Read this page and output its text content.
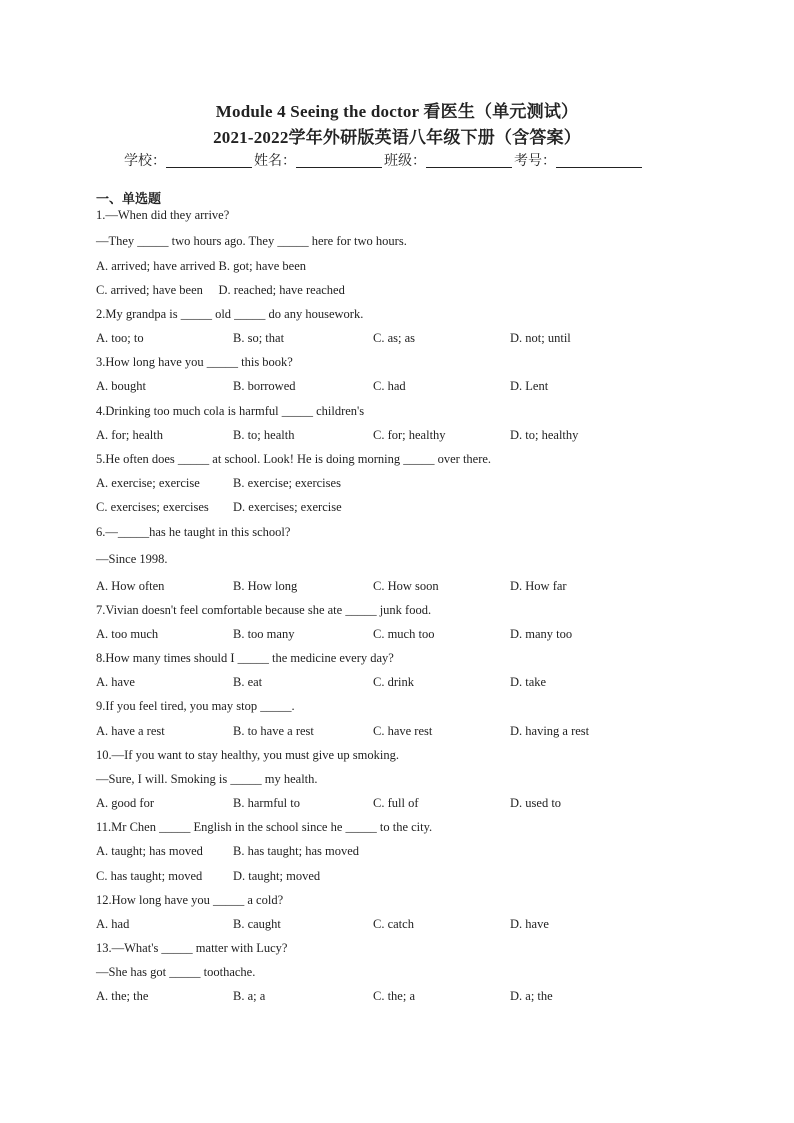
Module 4 Seeing the doctor 看医生（单元测试）
2021-2022学年外研版英语八年级下册（含答案）
学校：	姓名：	班级：	考号：
一、单选题
1.—When did they arrive?
—They _____ two hours ago. They _____ here for two hours.
A. arrived; have arrived B. got; have been
C. arrived; have been D. reached; have reached
2.My grandpa is _____ old _____ do any housework.
A. too; to	B. so; that	C. as; as	D. not; until
3.How long have you _____ this book?
A. bought	B. borrowed	C. had	D. Lent
4.Drinking too much cola is harmful _____ children's
A. for; health	B. to; health	C. for; healthy	D. to; healthy
5.He often does _____ at school. Look! He is doing morning _____ over there.
A. exercise; exercise	B. exercise; exercises
C. exercises; exercises D. exercises; exercise
6.—_____has he taught in this school?
—Since 1998.
A. How often	B. How long	C. How soon	D. How far
7.Vivian doesn't feel comfortable because she ate _____ junk food.
A. too much	B. too many	C. much too	D. many too
8.How many times should I _____ the medicine every day?
A. have	B. eat	C. drink	D. take
9.If you feel tired, you may stop _____.
A. have a rest	B. to have a rest	C. have rest	D. having a rest
10.—If you want to stay healthy, you must give up smoking.
—Sure, I will. Smoking is _____ my health.
A. good for	B. harmful to	C. full of	D. used to
11.Mr Chen _____ English in the school since he _____ to the city.
A. taught; has moved B. has taught; has moved
C. has taught; moved D. taught; moved
12.How long have you _____ a cold?
A. had	B. caught	C. catch	D. have
13.—What's _____ matter with Lucy?
—She has got _____ toothache.
A. the; the	B. a; a	C. the; a	D. a; the
